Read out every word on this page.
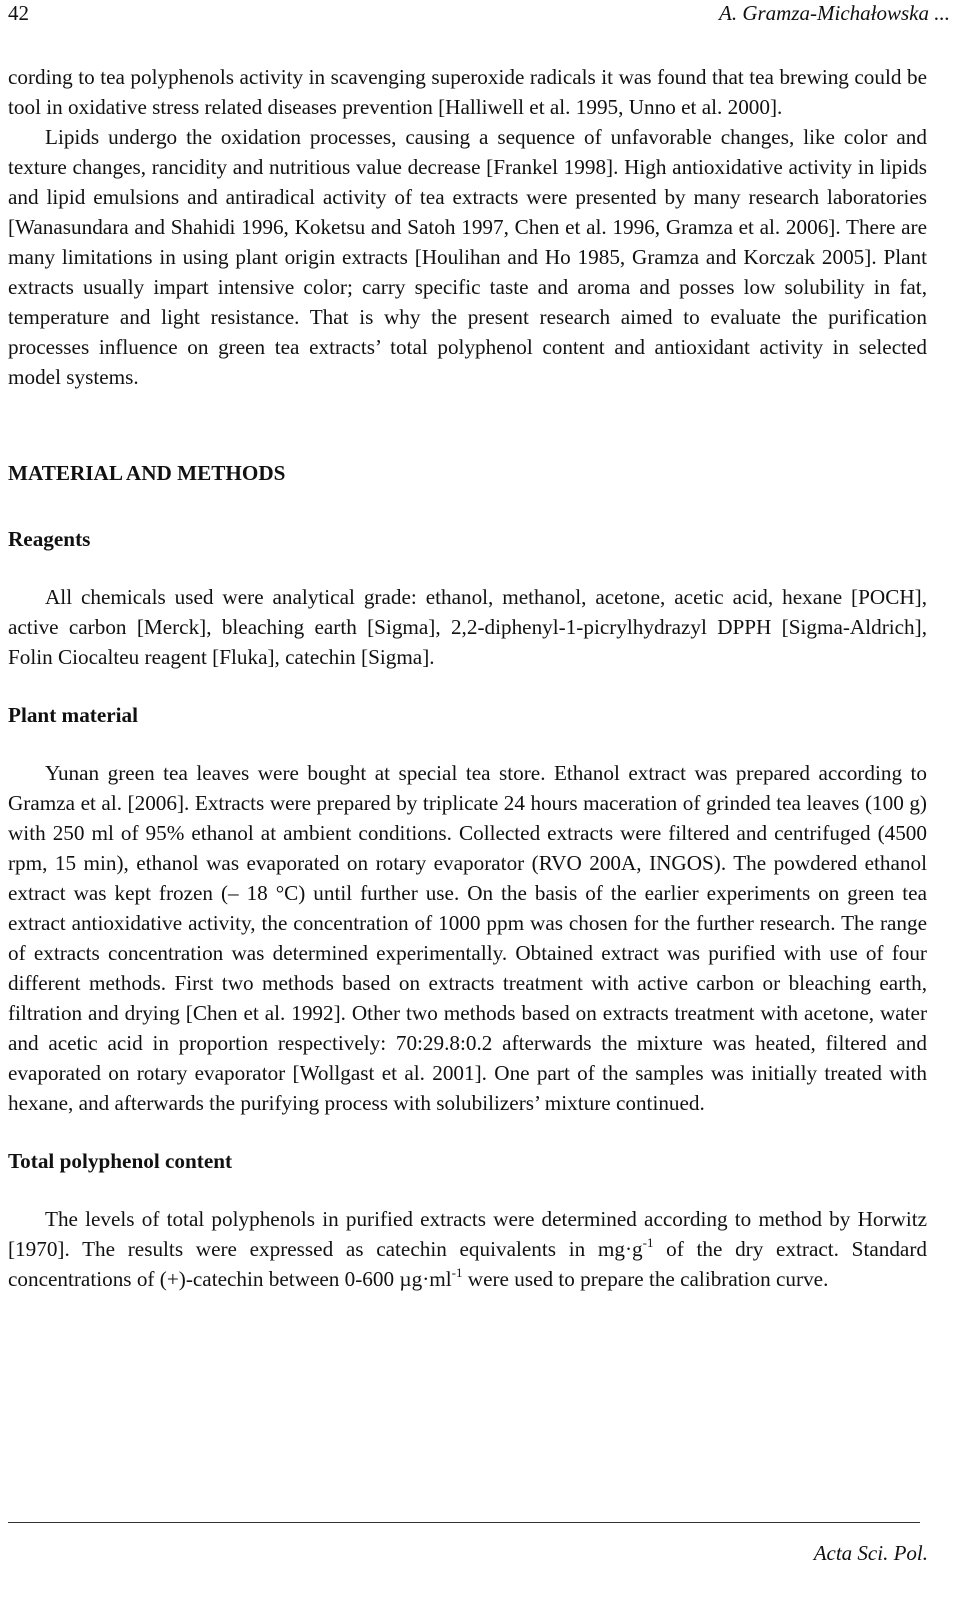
42	A. Gramza-Michałowska ...

cording to tea polyphenols activity in scavenging superoxide radicals it was found that tea brewing could be tool in oxidative stress related diseases prevention [Halliwell et al. 1995, Unno et al. 2000].

Lipids undergo the oxidation processes, causing a sequence of unfavorable changes, like color and texture changes, rancidity and nutritious value decrease [Frankel 1998]. High antioxidative activity in lipids and lipid emulsions and antiradical activity of tea extracts were presented by many research laboratories [Wanasundara and Shahidi 1996, Koketsu and Satoh 1997, Chen et al. 1996, Gramza et al. 2006]. There are many limitations in using plant origin extracts [Houlihan and Ho 1985, Gramza and Korczak 2005]. Plant extracts usually impart intensive color; carry specific taste and aroma and posses low solubility in fat, temperature and light resistance. That is why the present research aimed to evaluate the purification processes influence on green tea extracts’ total polyphenol content and antioxidant activity in selected model systems.

MATERIAL AND METHODS

Reagents

All chemicals used were analytical grade: ethanol, methanol, acetone, acetic acid, hexane [POCH], active carbon [Merck], bleaching earth [Sigma], 2,2-diphenyl-1-picrylhydrazyl DPPH [Sigma-Aldrich], Folin Ciocalteu reagent [Fluka], catechin [Sigma].

Plant material

Yunan green tea leaves were bought at special tea store. Ethanol extract was prepared according to Gramza et al. [2006]. Extracts were prepared by triplicate 24 hours maceration of grinded tea leaves (100 g) with 250 ml of 95% ethanol at ambient conditions. Collected extracts were filtered and centrifuged (4500 rpm, 15 min), ethanol was evaporated on rotary evaporator (RVO 200A, INGOS). The powdered ethanol extract was kept frozen (– 18 °C) until further use. On the basis of the earlier experiments on green tea extract antioxidative activity, the concentration of 1000 ppm was chosen for the further research. The range of extracts concentration was determined experimentally. Obtained extract was purified with use of four different methods. First two methods based on extracts treatment with active carbon or bleaching earth, filtration and drying [Chen et al. 1992]. Other two methods based on extracts treatment with acetone, water and acetic acid in proportion respectively: 70:29.8:0.2 afterwards the mixture was heated, filtered and evaporated on rotary evaporator [Wollgast et al. 2001]. One part of the samples was initially treated with hexane, and afterwards the purifying process with solubilizers’ mixture continued.

Total polyphenol content

The levels of total polyphenols in purified extracts were determined according to method by Horwitz [1970]. The results were expressed as catechin equivalents in $mg\cdot g^{-1}$ of the dry extract. Standard concentrations of (+)-catechin between 0-600 $\mu g\cdot ml^{-1}$ were used to prepare the calibration curve.

Acta Sci. Pol.
